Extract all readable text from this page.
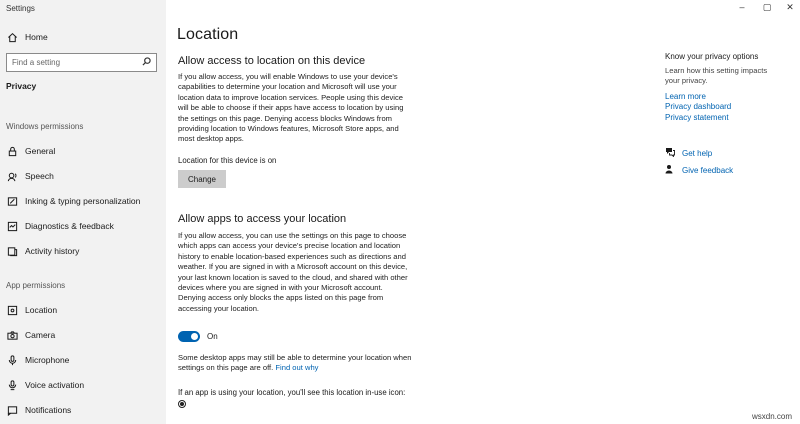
Settings
Home
Find a setting
Privacy
Windows permissions
General
Speech
Inking & typing personalization
Diagnostics & feedback
Activity history
App permissions
Location
Camera
Microphone
Voice activation
Notifications
–	▢	✕
Location
Allow access to location on this device
If you allow access, you will enable Windows to use your device's capabilities to determine your location and Microsoft will use your location data to improve location services. People using this device will be able to choose if their apps have access to location by using the settings on this page. Denying access blocks Windows from providing location to Windows features, Microsoft Store apps, and most desktop apps.
Location for this device is on
Change
Allow apps to access your location
If you allow access, you can use the settings on this page to choose which apps can access your device's precise location and location history to enable location-based experiences such as directions and weather. If you are signed in with a Microsoft account on this device, your last known location is saved to the cloud, and shared with other devices where you are signed in with your Microsoft account. Denying access only blocks the apps listed on this page from accessing your location.
On
Some desktop apps may still be able to determine your location when settings on this page are off. Find out why
If an app is using your location, you'll see this location in-use icon:
Know your privacy options
Learn how this setting impacts your privacy.
Learn more
Privacy dashboard
Privacy statement
Get help
Give feedback
wsxdn.com
